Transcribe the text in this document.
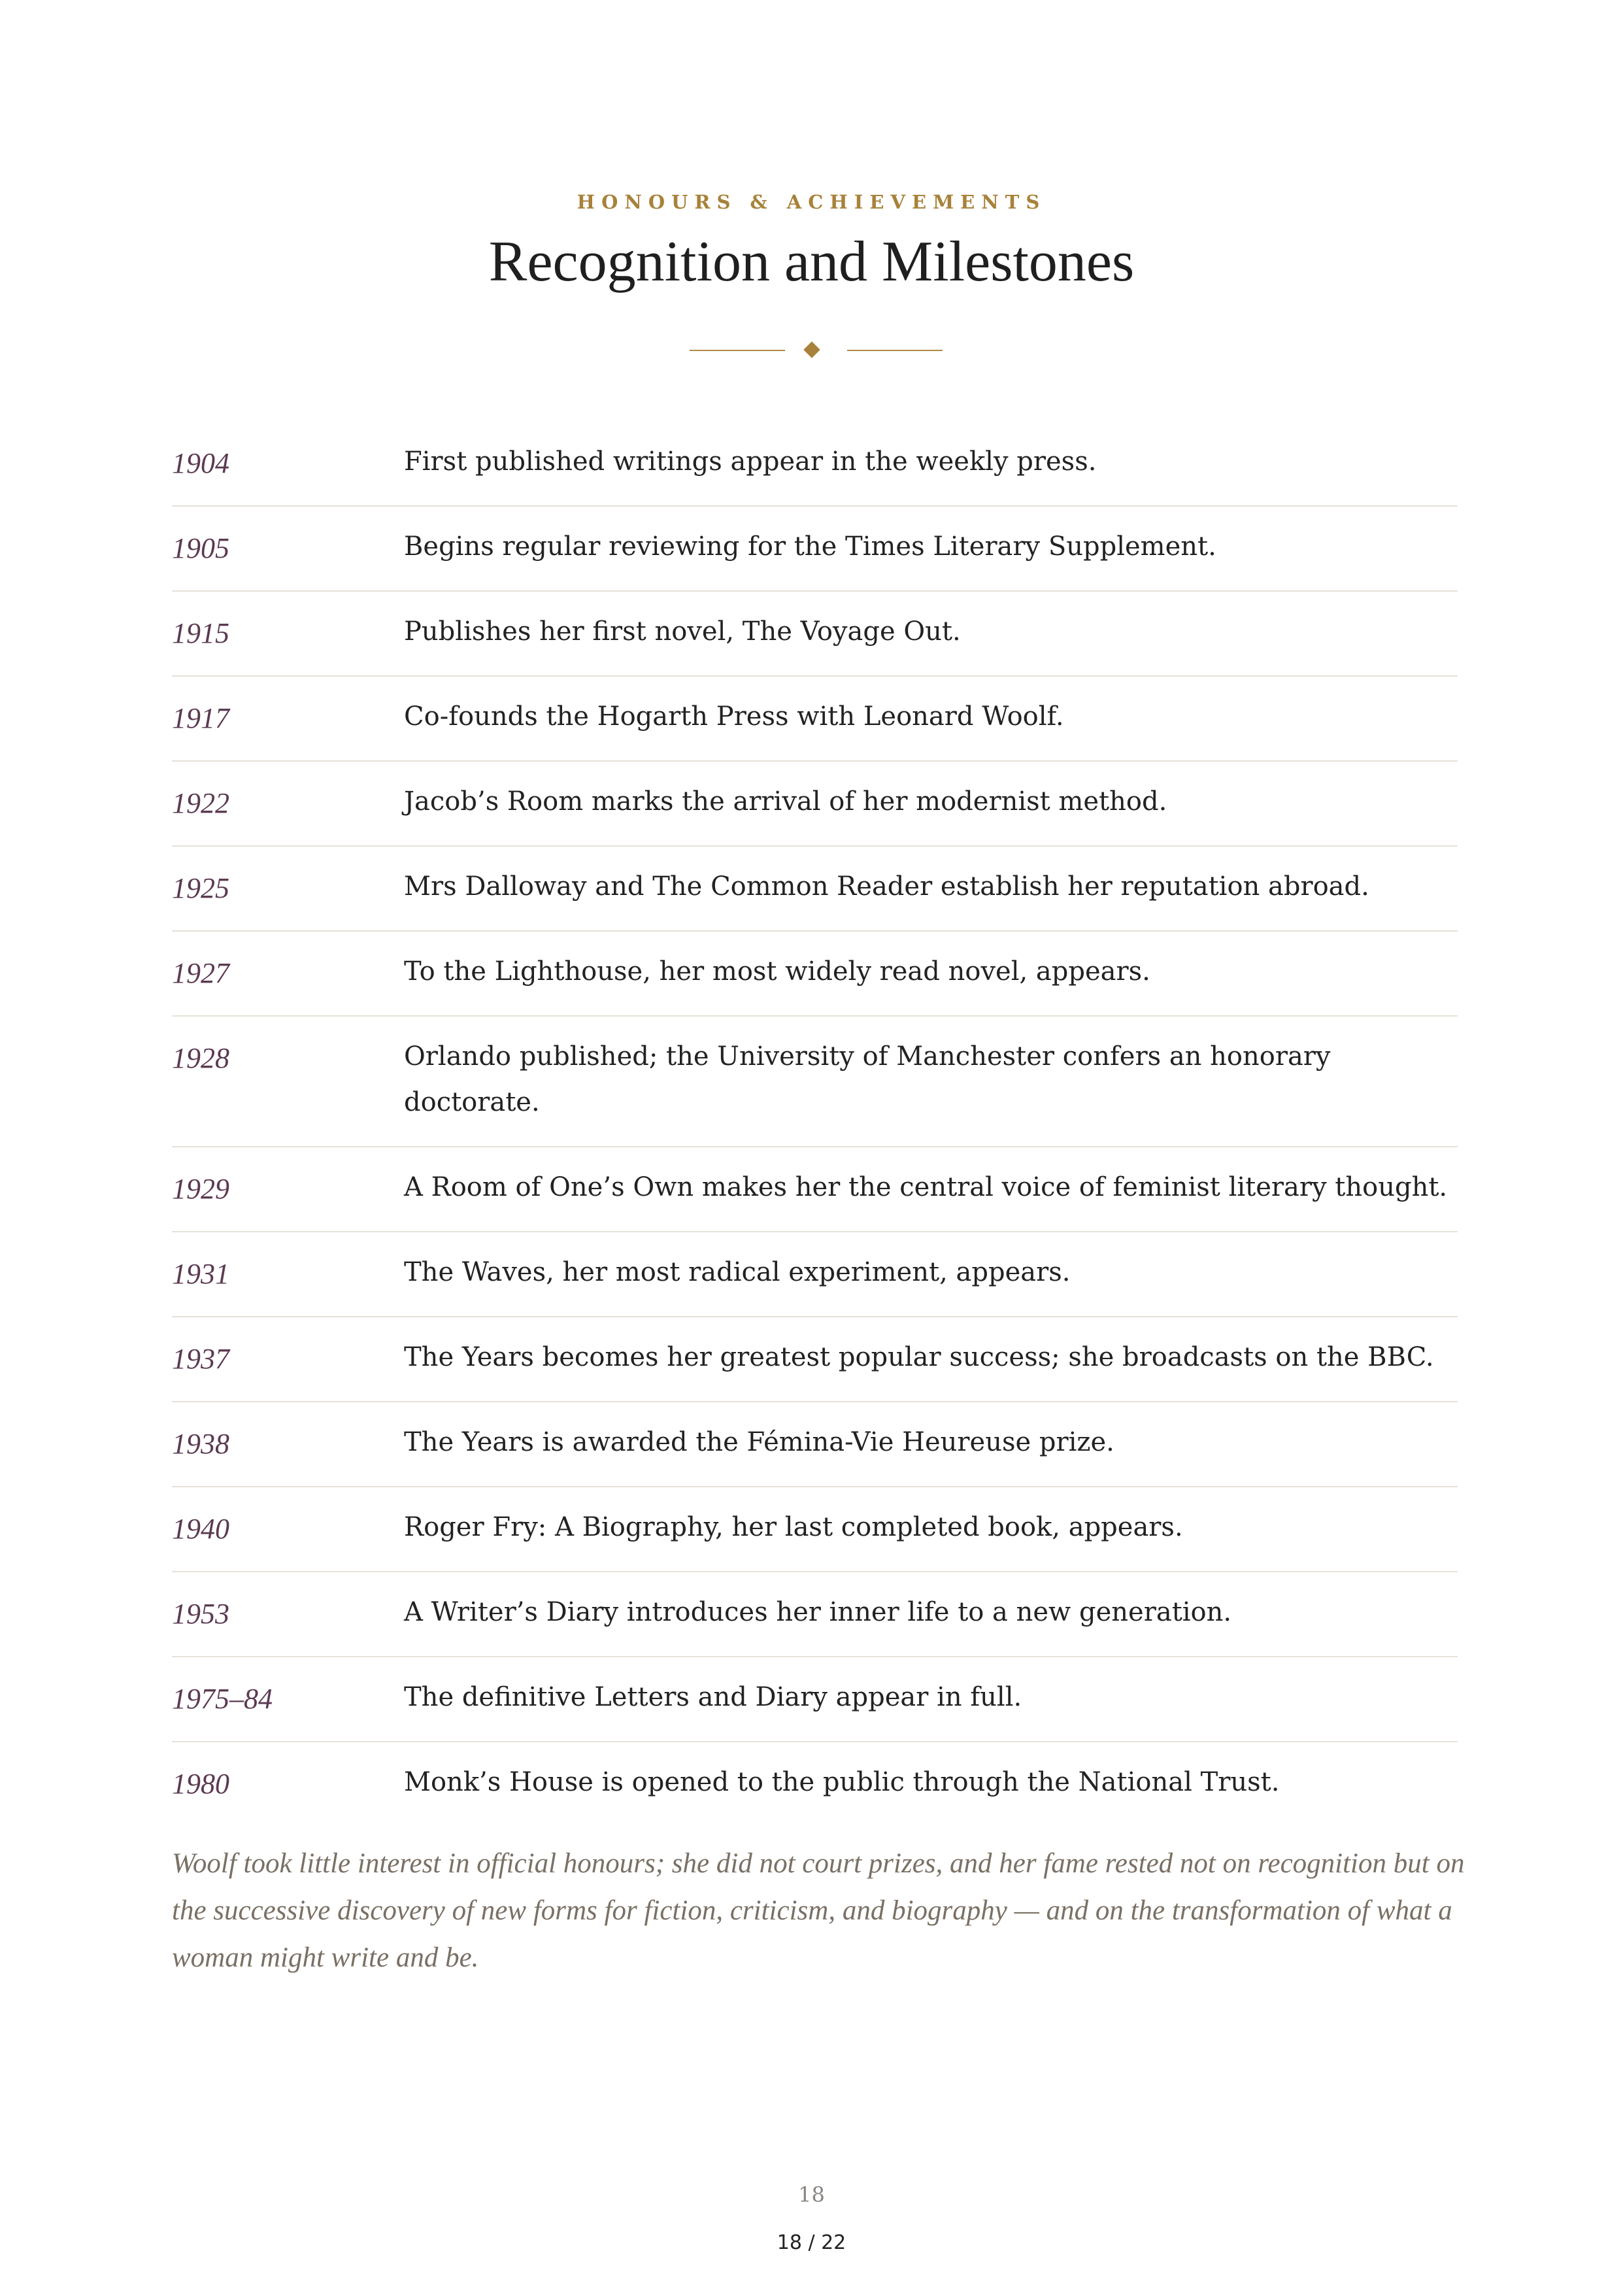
HONOURS & ACHIEVEMENTS
Recognition and Milestones
1904	First published writings appear in the weekly press.
1905	Begins regular reviewing for the Times Literary Supplement.
1915	Publishes her first novel, The Voyage Out.
1917	Co-founds the Hogarth Press with Leonard Woolf.
1922	Jacob’s Room marks the arrival of her modernist method.
1925	Mrs Dalloway and The Common Reader establish her reputation abroad.
1927	To the Lighthouse, her most widely read novel, appears.
1928	Orlando published; the University of Manchester confers an honorary doctorate.
1929	A Room of One’s Own makes her the central voice of feminist literary thought.
1931	The Waves, her most radical experiment, appears.
1937	The Years becomes her greatest popular success; she broadcasts on the BBC.
1938	The Years is awarded the Fémina-Vie Heureuse prize.
1940	Roger Fry: A Biography, her last completed book, appears.
1953	A Writer’s Diary introduces her inner life to a new generation.
1975–84	The definitive Letters and Diary appear in full.
1980	Monk’s House is opened to the public through the National Trust.
Woolf took little interest in official honours; she did not court prizes, and her fame rested not on recognition but on the successive discovery of new forms for fiction, criticism, and biography — and on the transformation of what a woman might write and be.
18
18 / 22
